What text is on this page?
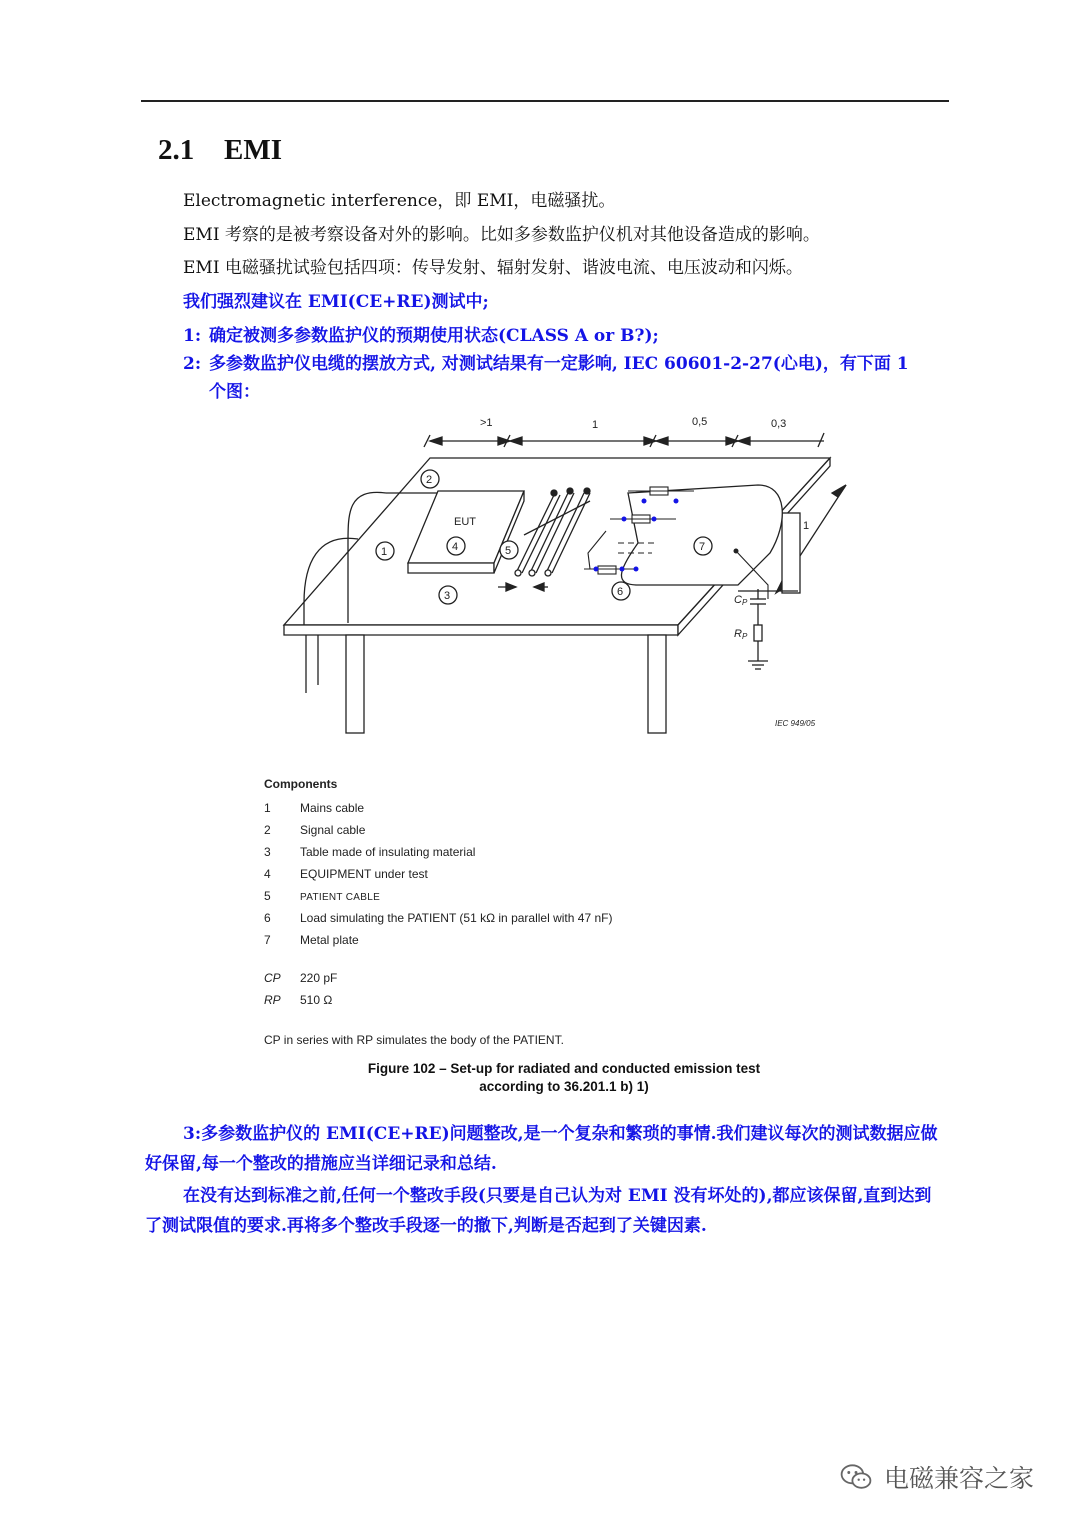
2.1 EMI
Electromagnetic interference，即 EMI，电磁骚扰。
EMI 考察的是被考察设备对外的影响。比如多参数监护仪机对其他设备造成的影响。
EMI 电磁骚扰试验包括四项：传导发射、辐射发射、谐波电流、电压波动和闪烁。
我们强烈建议在 EMI(CE+RE)测试中;
1: 确定被测多参数监护仪的预期使用状态(CLASS A or B?);
2: 多参数监护仪电缆的摆放方式, 对测试结果有一定影响, IEC 60601-2-27(心电)，有下面 1
个图：
>1	1	0,5	0,3
1
EUT
CP
RP
1
2
3
4	5
6
7
IEC 949/05
Components
1 Mains cable
2 Signal cable
3 Table made of insulating material
4 EQUIPMENT under test
5	PATIENT CABLE
6 Load simulating the PATIENT (51 kΩ in parallel with 47 nF)
7 Metal plate
CP 220 pF
RP 510 Ω
CP in series with RP simulates the body of the PATIENT.
Figure 102 – Set-up for radiated and conducted emission test
according to 36.201.1 b) 1)
3:多参数监护仪的 EMI(CE+RE)问题整改,是一个复杂和繁琐的事情.我们建议每次的测试数据应做好保留,每一个整改的措施应当详细记录和总结.
在没有达到标准之前,任何一个整改手段(只要是自己认为对 EMI 没有坏处的),都应该保留,直到达到了测试限值的要求.再将多个整改手段逐一的撤下,判断是否起到了关键因素.
电磁兼容之家
